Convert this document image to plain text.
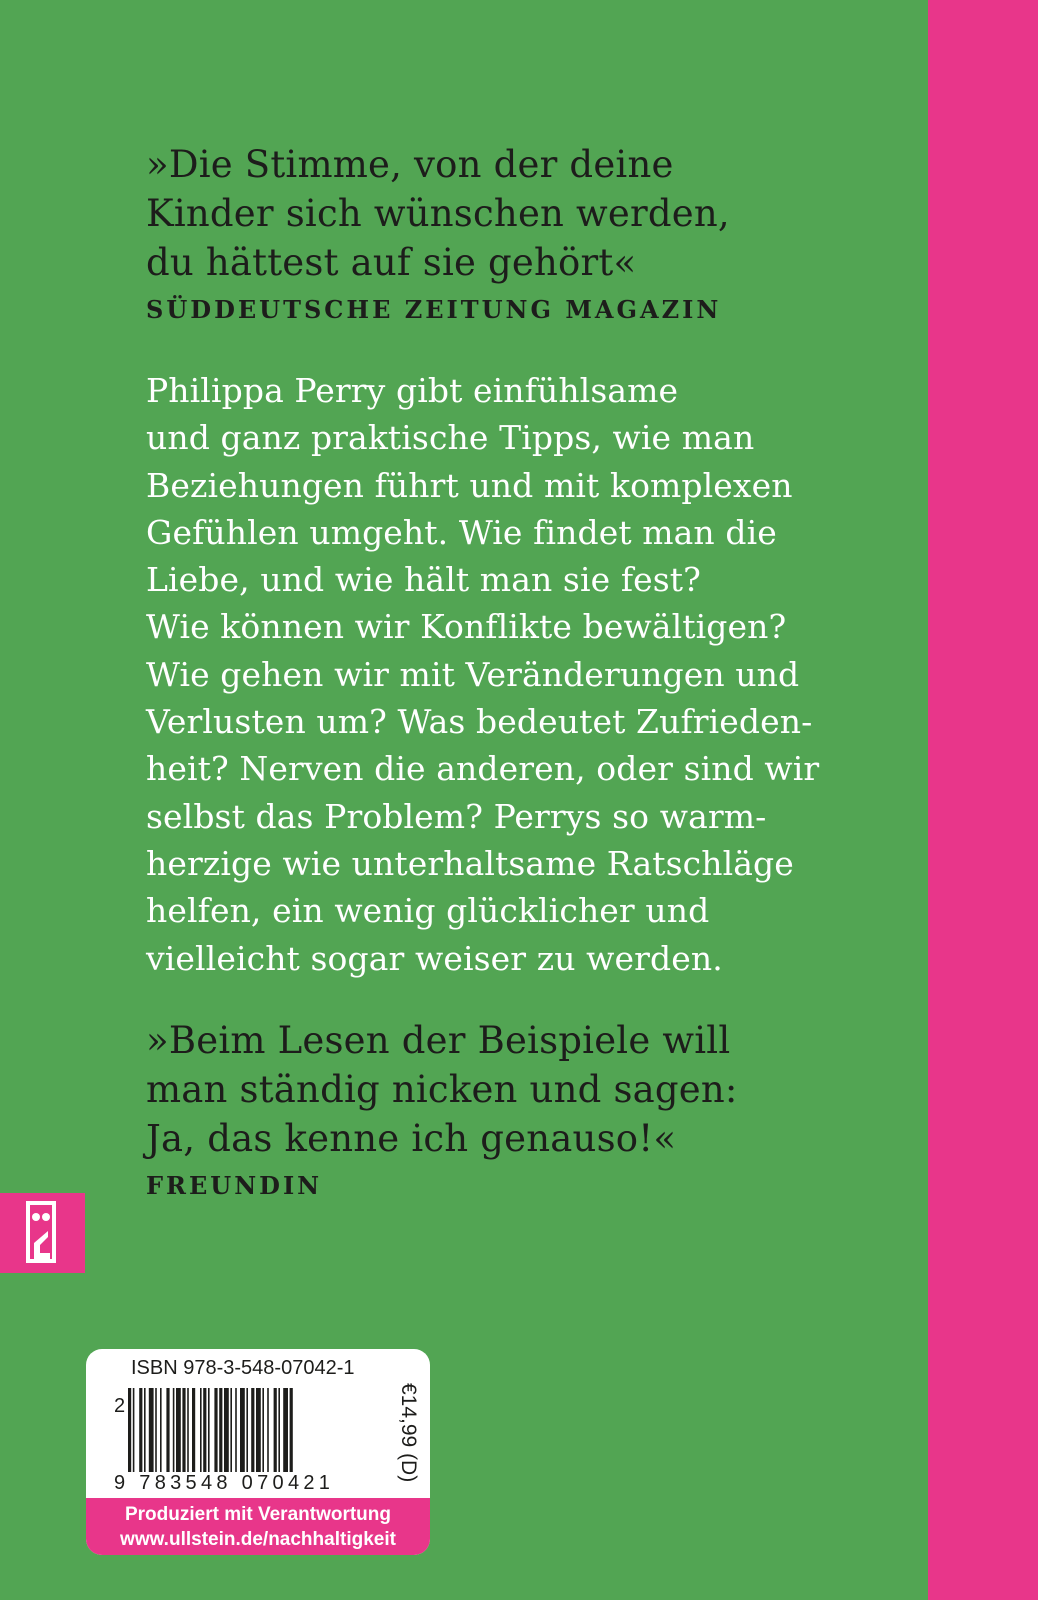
»Die Stimme, von der deine
Kinder sich wünschen werden,
du hättest auf sie gehört«

SÜDDEUTSCHE ZEITUNG MAGAZIN

Philippa Perry gibt einfühlsame
und ganz praktische Tipps, wie man
Beziehungen führt und mit komplexen
Gefühlen umgeht. Wie findet man die
Liebe, und wie hält man sie fest?
Wie können wir Konflikte bewältigen?
Wie gehen wir mit Veränderungen und
Verlusten um? Was bedeutet Zufrieden-
heit? Nerven die anderen, oder sind wir
selbst das Problem? Perrys so warm-
herzige wie unterhaltsame Ratschläge
helfen, ein wenig glücklicher und
vielleicht sogar weiser zu werden.

»Beim Lesen der Beispiele will
man ständig nicken und sagen:
Ja, das kenne ich genauso!«

FREUNDIN

ISBN 978-3-548-07042-1
2
9 783548 070421
€14,99 (D)
Produziert mit Verantwortung
www.ullstein.de/nachhaltigkeit
